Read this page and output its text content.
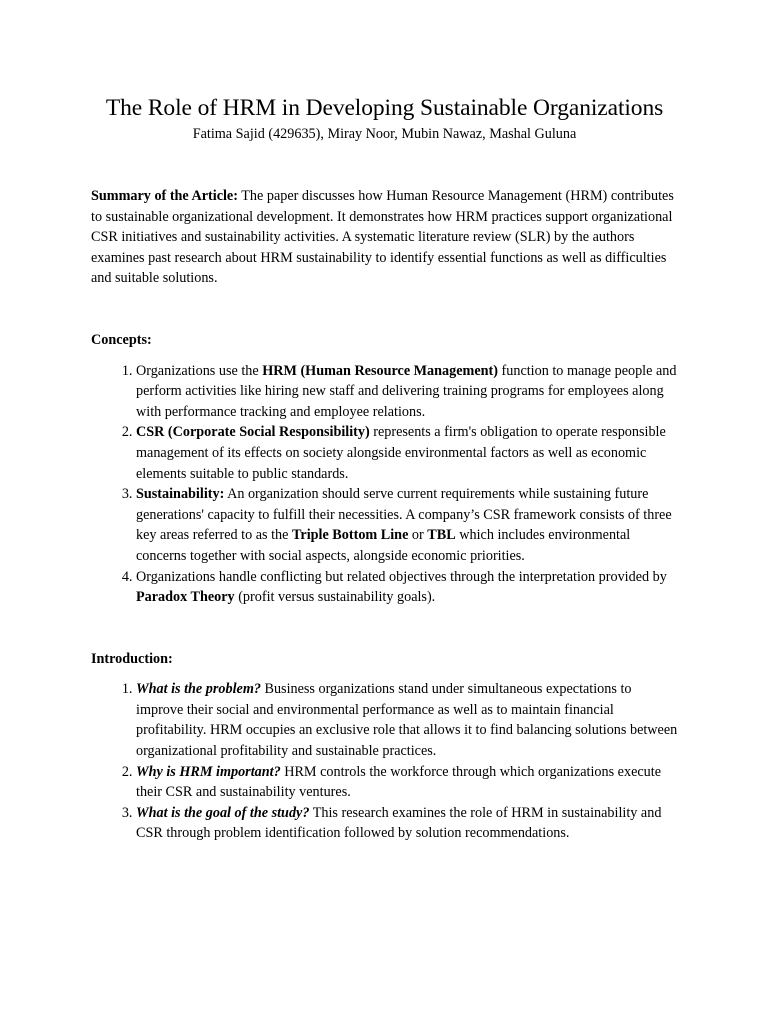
The Role of HRM in Developing Sustainable Organizations

Fatima Sajid (429635), Miray Noor, Mubin Nawaz, Mashal Guluna

Summary of the Article: The paper discusses how Human Resource Management (HRM) contributes to sustainable organizational development. It demonstrates how HRM practices support organizational CSR initiatives and sustainability activities. A systematic literature review (SLR) by the authors examines past research about HRM sustainability to identify essential functions as well as difficulties and suitable solutions.

Concepts:

1. Organizations use the HRM (Human Resource Management) function to manage people and perform activities like hiring new staff and delivering training programs for employees along with performance tracking and employee relations.
2. CSR (Corporate Social Responsibility) represents a firm's obligation to operate responsible management of its effects on society alongside environmental factors as well as economic elements suitable to public standards.
3. Sustainability: An organization should serve current requirements while sustaining future generations' capacity to fulfill their necessities. A company’s CSR framework consists of three key areas referred to as the Triple Bottom Line or TBL which includes environmental concerns together with social aspects, alongside economic priorities.
4. Organizations handle conflicting but related objectives through the interpretation provided by Paradox Theory (profit versus sustainability goals).

Introduction:

1. What is the problem? Business organizations stand under simultaneous expectations to improve their social and environmental performance as well as to maintain financial profitability. HRM occupies an exclusive role that allows it to find balancing solutions between organizational profitability and sustainable practices.
2. Why is HRM important? HRM controls the workforce through which organizations execute their CSR and sustainability ventures.
3. What is the goal of the study? This research examines the role of HRM in sustainability and CSR through problem identification followed by solution recommendations.
